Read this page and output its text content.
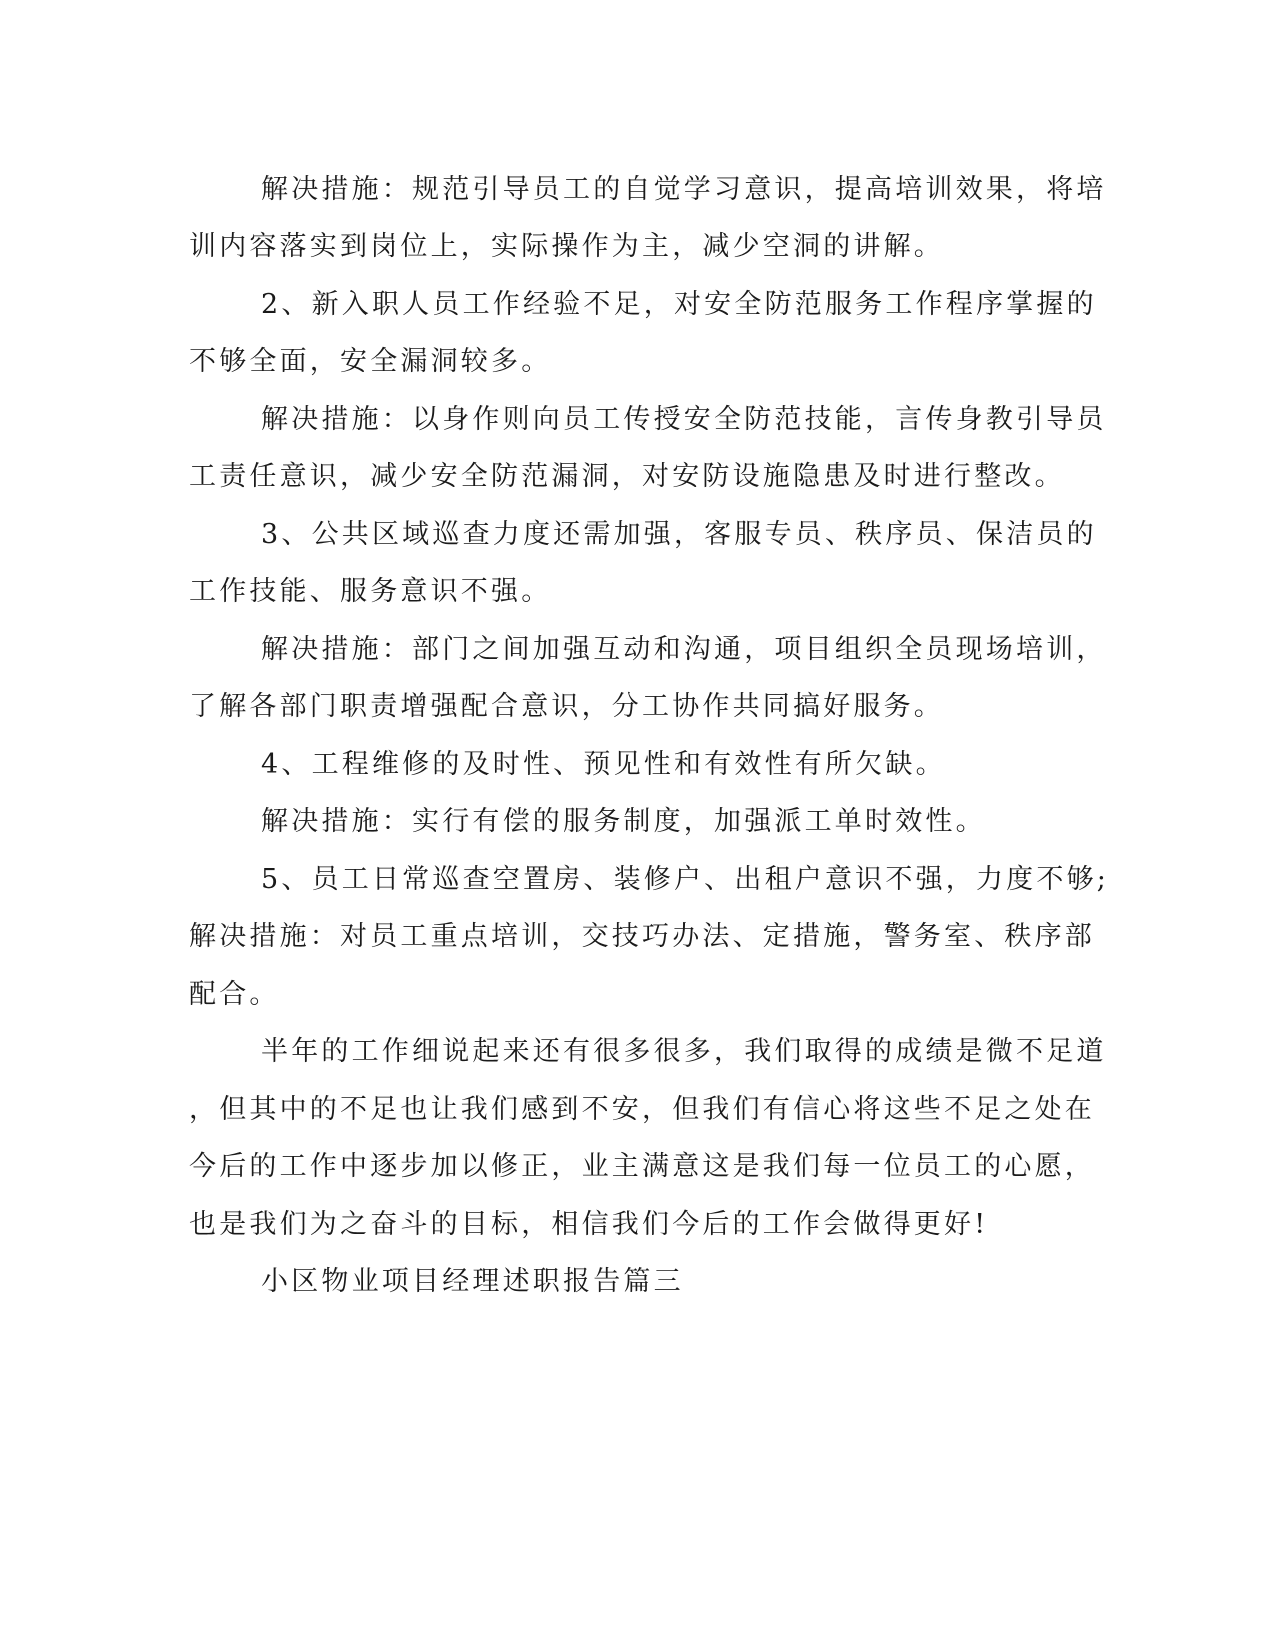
解决措施：规范引导员工的自觉学习意识，提高培训效果，将培
训内容落实到岗位上，实际操作为主，减少空洞的讲解。
2、新入职人员工作经验不足，对安全防范服务工作程序掌握的
不够全面，安全漏洞较多。
解决措施：以身作则向员工传授安全防范技能，言传身教引导员
工责任意识，减少安全防范漏洞，对安防设施隐患及时进行整改。
3、公共区域巡查力度还需加强，客服专员、秩序员、保洁员的
工作技能、服务意识不强。
解决措施：部门之间加强互动和沟通，项目组织全员现场培训，
了解各部门职责增强配合意识，分工协作共同搞好服务。
4、工程维修的及时性、预见性和有效性有所欠缺。
解决措施：实行有偿的服务制度，加强派工单时效性。
5、员工日常巡查空置房、装修户、出租户意识不强，力度不够;
解决措施：对员工重点培训，交技巧办法、定措施，警务室、秩序部
配合。
半年的工作细说起来还有很多很多，我们取得的成绩是微不足道
，但其中的不足也让我们感到不安，但我们有信心将这些不足之处在
今后的工作中逐步加以修正，业主满意这是我们每一位员工的心愿，
也是我们为之奋斗的目标，相信我们今后的工作会做得更好!
小区物业项目经理述职报告篇三
